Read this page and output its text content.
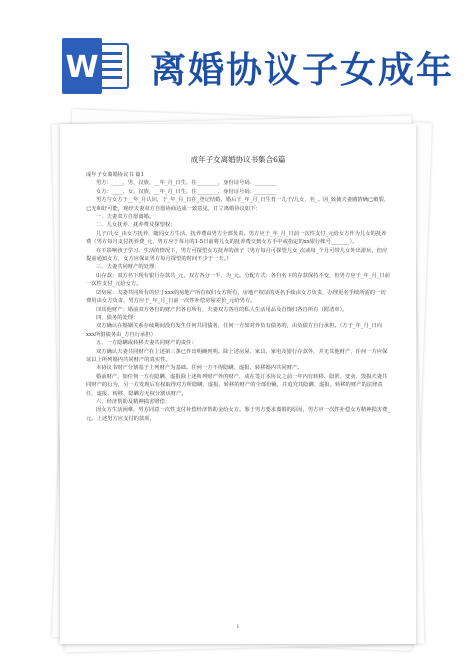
W 离婚协议子女成年
成年子女离婚协议书集合6篇

成年子女离婚协议书 篇1

男方：____，男，汉族，__年_月_日生，住________，身份证号码：________

女方：____，女，汉族，__年_月_日生，住________，身份证号码：________

男方与女方于__年_月认识，于_年_月_日在_登记结婚，婚后于_年_月_日生育一儿子/儿女，名_。因_致使夫妻感情确已破裂，已无和好可能，现经夫妻双方自愿协商达成一致意见，订立离婚协议如下：

一、夫妻双方自愿离婚。

二、儿女抚养、抚养费及探望权：

儿子/儿女_由女方抚养，随同女方生活，抚养费由男方全部负责，男方应于_年_月_日前一次性支付_元给女方作为儿女的抚养费（男方每月支付抚养费_元，男方应于每月的1-5日前将儿女的抚养费交到女方手中或指定的xx银行帐号_______）。

在不影响孩子学习、生活的情况下，男方可探望女方抚养的孩子（男方每月可探望儿女_次或每_个月可带儿女外出游玩，但应提前通知女方，女方应保证男方每月探望的时间不少于一天。）

三、夫妻共同财产的处理：

⑴存款：双方名下现有银行存款共_元，双方各分一半，为_元。分配方式：各自名下的存款保持不变，但男方应于_年_月_日前一次性支付_元给女方。

⑵房屋：夫妻共同所有的位于xxx的房地产所有权归女方所有，房地产权证的更名手续由女方负责，办理更名手续所需的一切费用由女方负责，男方应于_年_月_日前一次性补偿房屋差价_元给男方。

⑶其他财产：婚前双方各自的财产归各自所有，夫妻双方各自的私人生活用品及首饰归各自所有（附清单）。

四、债务的处理：

双方确认在婚姻关系存续期间没有发生任何共同债务，任何一方如对外负有债务的，由负债方自行承担。（方于_年_月_日向xxx所借债务由_方自行承担）

五、一方隐瞒或转移夫妻共同财产的责任：

双方确认夫妻共同财产在上述第三条已作出明确列明。除上述房屋、家具、家电及银行存款外，并无其他财产，任何一方应保证以上所列婚内共同财产的真实性。

本协议书财产分割基于上列财产为基础。任何一方不得隐瞒、虚报、转移婚内共同财产。

婚前财产，如任何一方有隐瞒、虚报除上述所列财产外的财产，或在签订本协议之前一年内有转移、隐匿、变卖、毁损夫妻共同财产的行为，另一方发现后有权取得对方所隐瞒、虚报、转移的财产的全部份额，并追究其隐瞒、虚报、转移的财产的法律责任，虚报、转移、隐瞒方无权分割该财产。

六、经济帮助及精神损害赔偿：

因女方生活困难，男方同意一次性支付补偿经济帮助金给女方。鉴于男方要求离婚的原因，男方应一次性补偿女方精神损害费_元。上述男方应支付的款项，

1
